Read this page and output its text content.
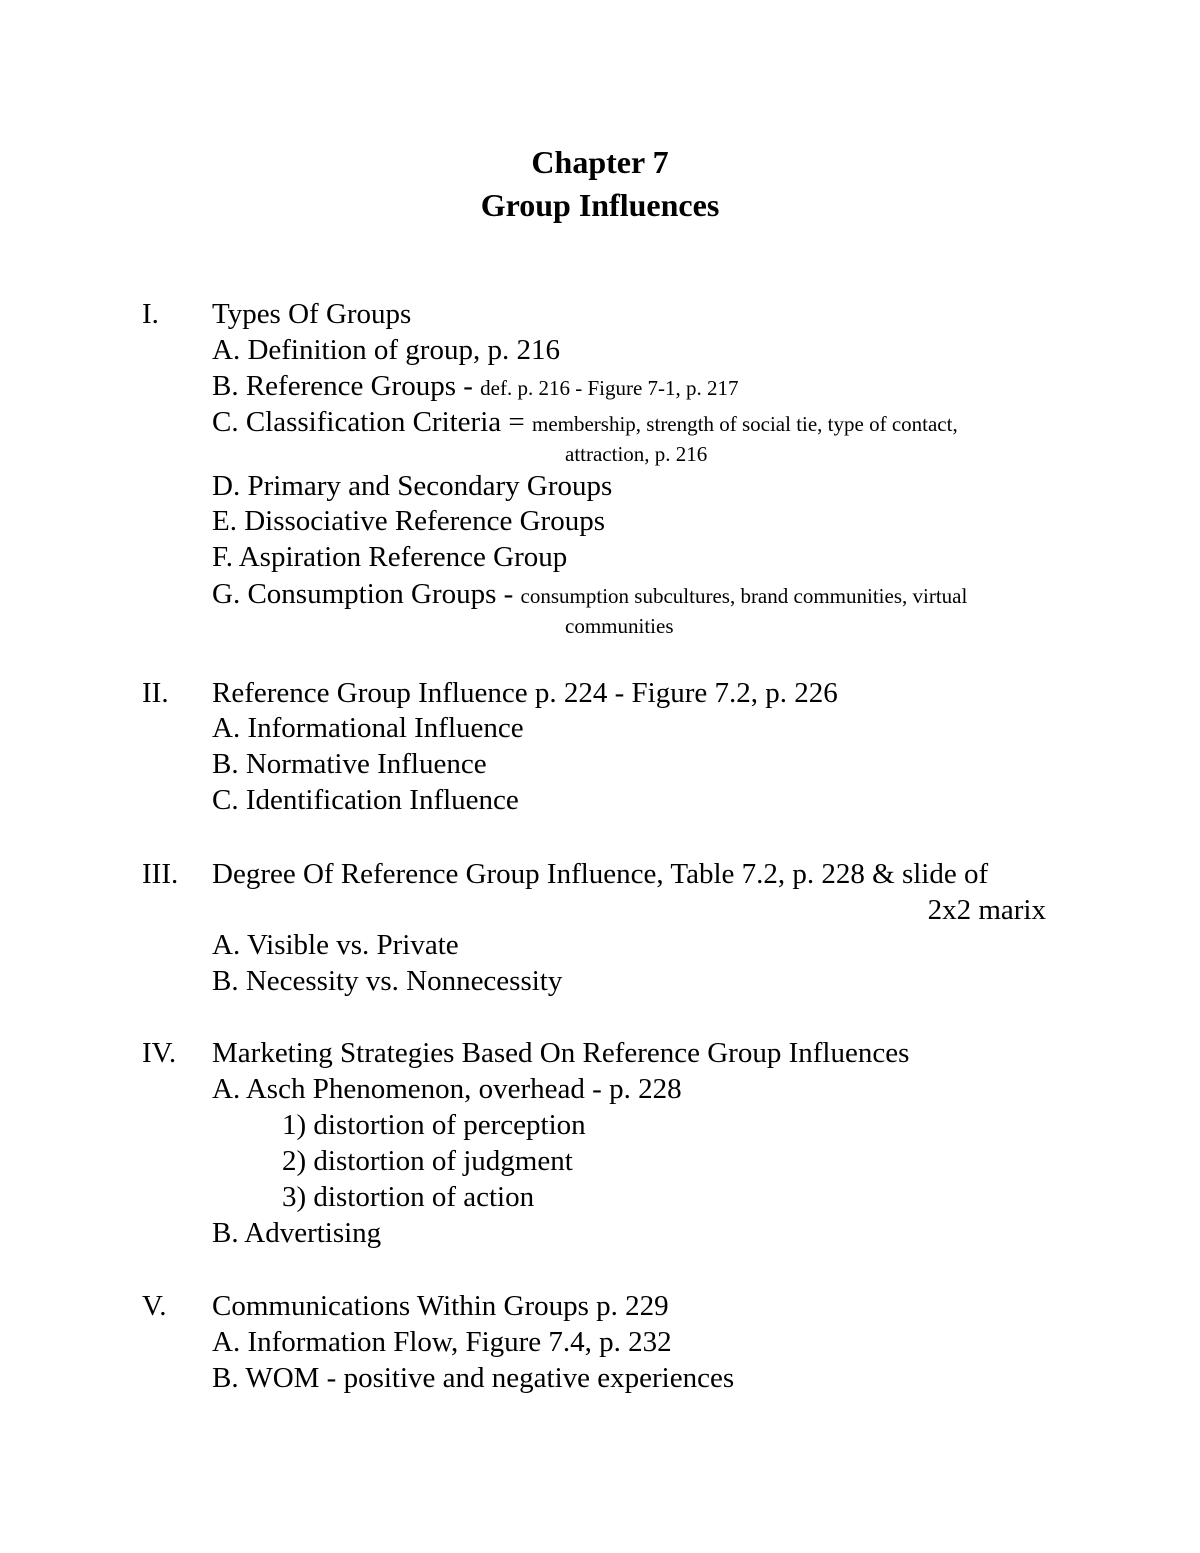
Chapter 7
Group Influences
I. Types Of Groups
A. Definition of group, p. 216
B. Reference Groups - def. p. 216 - Figure 7-1, p. 217
C. Classification Criteria = membership, strength of social tie, type of contact,
attraction, p. 216
D. Primary and Secondary Groups
E. Dissociative Reference Groups
F. Aspiration Reference Group
G. Consumption Groups - consumption subcultures, brand communities, virtual
communities
II. Reference Group Influence p. 224 - Figure 7.2, p. 226
A. Informational Influence
B. Normative Influence
C. Identification Influence
III. Degree Of Reference Group Influence, Table 7.2, p. 228 & slide of
2x2 marix
A. Visible vs. Private
B. Necessity vs. Nonnecessity
IV. Marketing Strategies Based On Reference Group Influences
A. Asch Phenomenon, overhead - p. 228
1) distortion of perception
2) distortion of judgment
3) distortion of action
B. Advertising
V. Communications Within Groups p. 229
A. Information Flow, Figure 7.4, p. 232
B. WOM - positive and negative experiences
